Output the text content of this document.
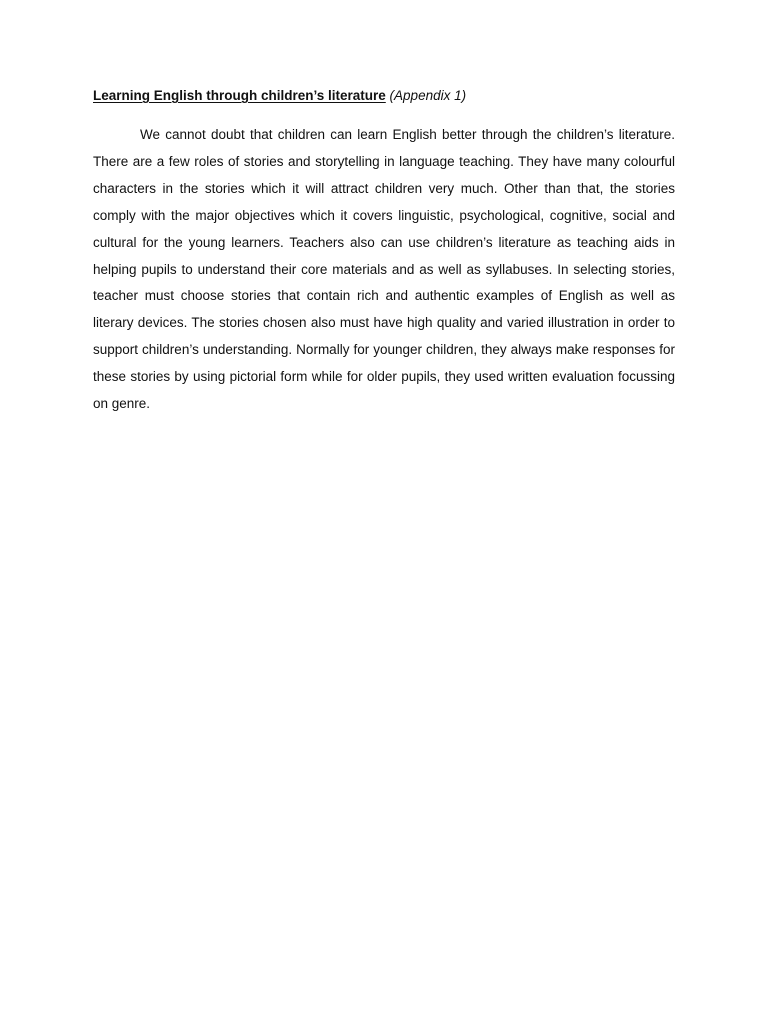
Learning English through children’s literature (Appendix 1)

We cannot doubt that children can learn English better through the children’s literature. There are a few roles of stories and storytelling in language teaching. They have many colourful characters in the stories which it will attract children very much. Other than that, the stories comply with the major objectives which it covers linguistic, psychological, cognitive, social and cultural for the young learners. Teachers also can use children’s literature as teaching aids in helping pupils to understand their core materials and as well as syllabuses. In selecting stories, teacher must choose stories that contain rich and authentic examples of English as well as literary devices. The stories chosen also must have high quality and varied illustration in order to support children’s understanding. Normally for younger children, they always make responses for these stories by using pictorial form while for older pupils, they used written evaluation focussing on genre.
